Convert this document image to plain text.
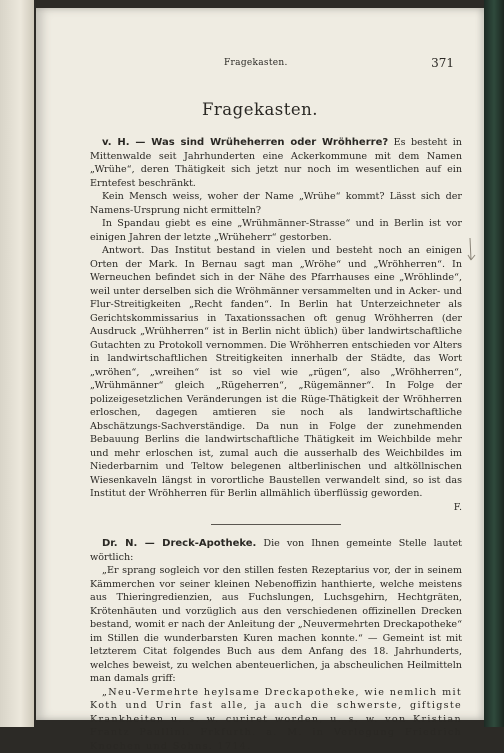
Fragekasten.	371
Fragekasten.

v. H. — Was sind Wrüheherren oder Wröhherre? Es besteht in Mittenwalde seit Jahrhunderten eine Ackerkommune mit dem Namen „Wrühe“, deren Thätigkeit sich jetzt nur noch im wesentlichen auf ein Erntefest beschränkt.

Kein Mensch weiss, woher der Name „Wrühe“ kommt? Lässt sich der Namens-Ursprung nicht ermitteln?

In Spandau giebt es eine „Wrühmänner-Strasse“ und in Berlin ist vor einigen Jahren der letzte „Wrüheherr“ gestorben.

Antwort. Das Institut bestand in vielen und besteht noch an einigen Orten der Mark. In Bernau sagt man „Wröhe“ und „Wröhherren“. In Werneuchen befindet sich in der Nähe des Pfarrhauses eine „Wröhlinde“, weil unter derselben sich die Wröhmänner versammelten und in Acker- und Flur-Streitigkeiten „Recht fanden“. In Berlin hat Unterzeichneter als Gerichtskommissarius in Taxationssachen oft genug Wröhherren (der Ausdruck „Wrühherren“ ist in Berlin nicht üblich) über landwirtschaftliche Gutachten zu Protokoll vernommen. Die Wröhherren entschieden vor Alters in landwirtschaftlichen Streitigkeiten innerhalb der Städte, das Wort „wröhen“, „wreihen“ ist so viel wie „rügen“, also „Wröhherren“, „Wrühmänner“ gleich „Rügeherren“, „Rügemänner“. In Folge der polizeigesetzlichen Veränderungen ist die Rüge-Thätigkeit der Wröhherren erloschen, dagegen amtieren sie noch als landwirtschaftliche Abschätzungs-Sachverständige. Da nun in Folge der zunehmenden Bebauung Berlins die landwirtschaftliche Thätigkeit im Weichbilde mehr und mehr erloschen ist, zumal auch die ausserhalb des Weichbildes im Niederbarnim und Teltow belegenen altberlinischen und altköllnischen Wiesenkaveln längst in vorortliche Baustellen verwandelt sind, so ist das Institut der Wröhherren für Berlin allmählich überflüssig geworden.

F.

Dr. N. — Dreck-Apotheke. Die von Ihnen gemeinte Stelle lautet wörtlich:

„Er sprang sogleich vor den stillen festen Rezeptarius vor, der in seinem Kämmerchen vor seiner kleinen Nebenoffizin hanthierte, welche meistens aus Thieringredienzien, aus Fuchslungen, Luchsgehirn, Hechtgräten, Krötenhäuten und vorzüglich aus den verschiedenen offizinellen Drecken bestand, womit er nach der Anleitung der „Neuvermehrten Dreckapotheke“ im Stillen die wunderbarsten Kuren machen konnte.“ — Gemeint ist mit letzterem Citat folgendes Buch aus dem Anfang des 18. Jahrhunderts, welches beweist, zu welchen abenteuerlichen, ja abscheulichen Heilmitteln man damals griff:

„Neu-Vermehrte heylsame Dreckapotheke, wie nemlich mit Koth und Urin fast alle, ja auch die schwerste, giftigste Krankheiten u. s. w. curiret worden, u. s. w. von Kristian Frantz Paullini. Frkfurth. a. M. in Verlegung Friedrich Knochen und Sohns. 1714.
